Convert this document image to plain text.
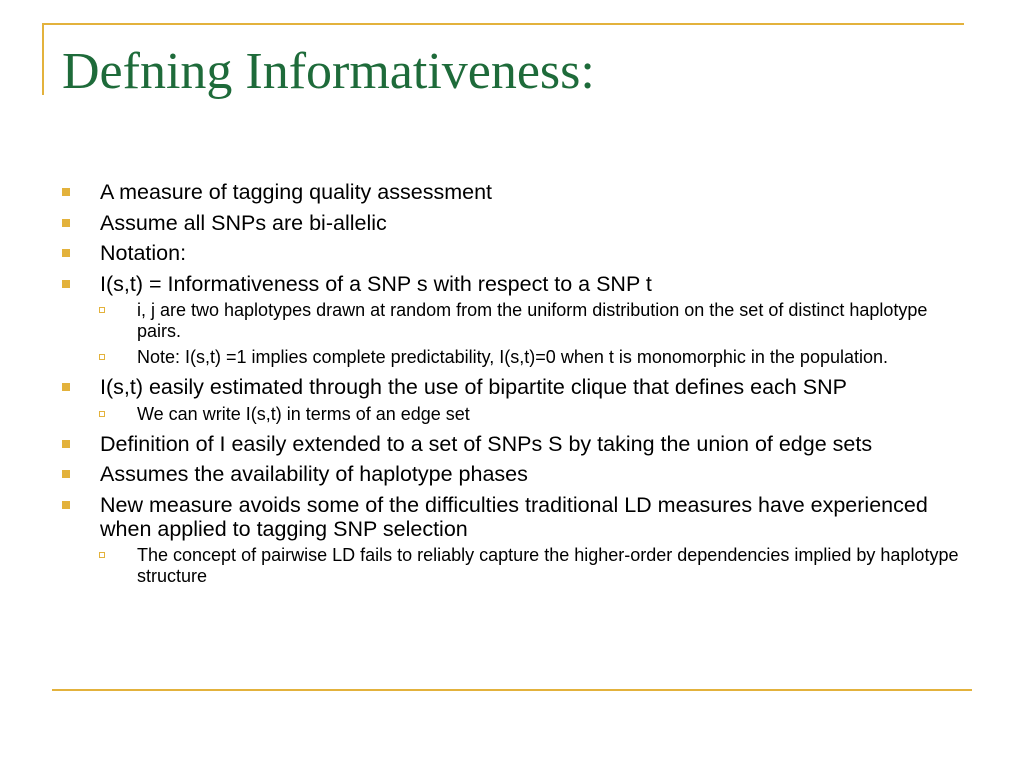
Defning Informativeness:
A measure of tagging quality assessment
Assume all SNPs are bi-allelic
Notation:
I(s,t) = Informativeness of a SNP s with respect to a SNP t
i, j are two haplotypes drawn at random from the uniform distribution on the set of distinct haplotype pairs.
Note: I(s,t) =1 implies complete predictability, I(s,t)=0 when t is monomorphic in the population.
I(s,t) easily estimated through the use of bipartite clique that defines each SNP
We can write I(s,t) in terms of an edge set
Definition of I easily extended to a set of SNPs S by taking the union of edge sets
Assumes the availability of haplotype phases
New measure avoids some of the difficulties traditional LD measures have experienced when applied to tagging SNP selection
The concept of pairwise LD fails to reliably capture the higher-order dependencies implied by haplotype structure
